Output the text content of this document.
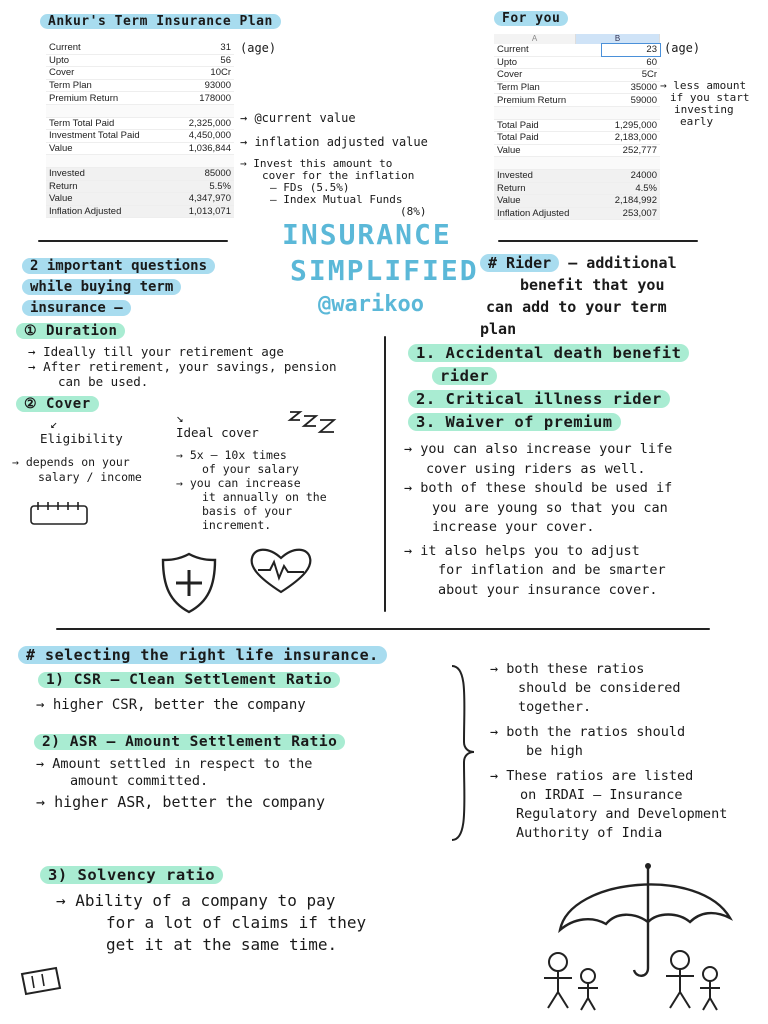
Ankur's Term Insurance Plan
Current	31
Upto	56
Cover	10Cr
Term Plan	93000
Premium Return	178000

Term Total Paid	2,325,000
Investment Total Paid	4,450,000
Value	1,036,844

Invested	85000
Return	5.5%
Value	4,347,970
Inflation Adjusted	1,013,071
(age)
→ @current value
→ inflation adjusted value
→ Invest this amount to
cover for the inflation
– FDs (5.5%)
– Index Mutual Funds
(8%)
For you
A	B
Current	23
Upto	60
Cover	5Cr
Term Plan	35000
Premium Return	59000

Total Paid	1,295,000
Total Paid	2,183,000
Value	252,777

Invested	24000
Return	4.5%
Value	2,184,992
Inflation Adjusted	253,007
(age)
→ less amount
if you start
investing
early
INSURANCE
SIMPLIFIED
@warikoo
2 important questions
while buying term
insurance –
① Duration
→ Ideally till your retirement age
→ After retirement, your savings, pension
can be used.
② Cover
↙
Eligibility
→ depends on your
salary / income
↘
Ideal cover
→ 5x – 10x times
of your salary
→ you can increase
it annually on the
basis of your
increment.
# Rider – additional
benefit that you
can add to your term
plan
1. Accidental death benefit
rider
2. Critical illness rider
3. Waiver of premium
→ you can also increase your life
cover using riders as well.
→ both of these should be used if
you are young so that you can
increase your cover.
→ it also helps you to adjust
for inflation and be smarter
about your insurance cover.
# selecting the right life insurance.
1) CSR – Clean Settlement Ratio
→ higher CSR, better the company
2) ASR – Amount Settlement Ratio
→ Amount settled in respect to the
amount committed.
→ higher ASR, better the company
→ both these ratios
should be considered
together.
→ both the ratios should
be high
→ These ratios are listed
on IRDAI – Insurance
Regulatory and Development
Authority of India
3) Solvency ratio
→ Ability of a company to pay
for a lot of claims if they
get it at the same time.
